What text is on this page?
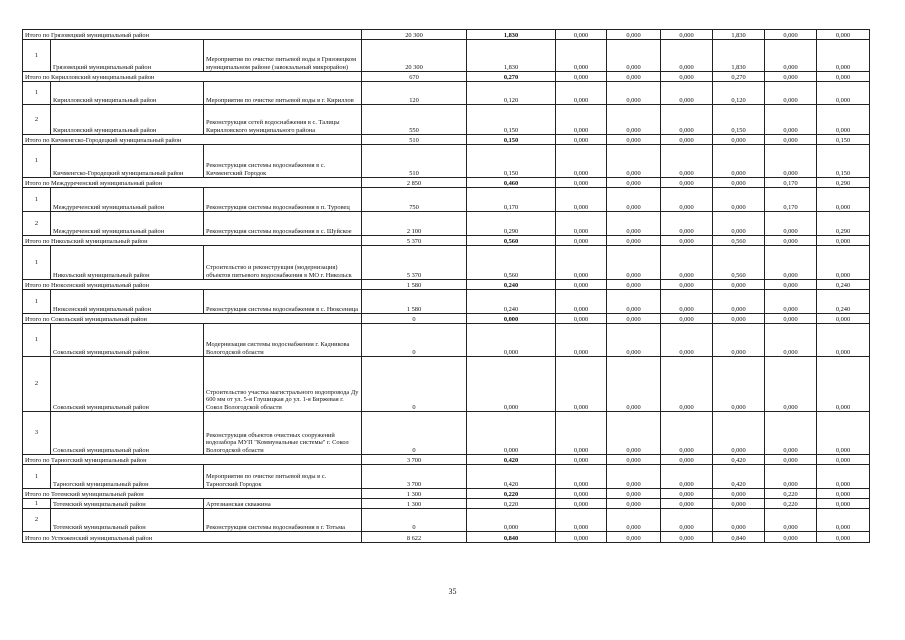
Итого по Грязовецкий муниципальный район			20 300	1,830	0,000	0,000	0,000	1,830	0,000	0,000
1	Грязовецкий муниципальный район	Мероприятия по очистке питьевой воды в Грязовецком муниципальном районе (завокзальный микрорайон)	20 300	1,830	0,000	0,000	0,000	1,830	0,000	0,000
Итого по Кирилловский муниципальный район			670	0,270	0,000	0,000	0,000	0,270	0,000	0,000
1	Кирилловский муниципальный район	Мероприятия по очистке питьевой воды в г. Кириллов	120	0,120	0,000	0,000	0,000	0,120	0,000	0,000
2	Кирилловский муниципальный район	Реконструкция сетей водоснабжения в с. Талицы Кирилловского муниципального района	550	0,150	0,000	0,000	0,000	0,150	0,000	0,000
Итого по Кичменгско-Городецкий муниципальный район			510	0,150	0,000	0,000	0,000	0,000	0,000	0,150
1	Кичменгско-Городецкий муниципальный район	Реконструкция системы водоснабжения в с. Кичменгский Городок	510	0,150	0,000	0,000	0,000	0,000	0,000	0,150
Итого по Междуреченский муниципальный район			2 850	0,460	0,000	0,000	0,000	0,000	0,170	0,290
1	Междуреченский муниципальный район	Реконструкция системы водоснабжения в п. Туровец	750	0,170	0,000	0,000	0,000	0,000	0,170	0,000
2	Междуреченский муниципальный район	Реконструкция системы водоснабжения в с. Шуйское	2 100	0,290	0,000	0,000	0,000	0,000	0,000	0,290
Итого по Никольский муниципальный район			5 370	0,560	0,000	0,000	0,000	0,560	0,000	0,000
1	Никольский муниципальный район	Строительство и реконструкция (модернизация) объектов питьевого водоснабжения в МО г. Никольск	5 370	0,560	0,000	0,000	0,000	0,560	0,000	0,000
Итого по Нюксенский муниципальный район			1 580	0,240	0,000	0,000	0,000	0,000	0,000	0,240
1	Нюксенский муниципальный район	Реконструкция системы водоснабжения в с. Нюксеница	1 580	0,240	0,000	0,000	0,000	0,000	0,000	0,240
Итого по Сокольский муниципальный район			0	0,000	0,000	0,000	0,000	0,000	0,000	0,000
1	Сокольский муниципальный район	Модернизация системы водоснабжения г. Кадникова Вологодской области	0	0,000	0,000	0,000	0,000	0,000	0,000	0,000
2	Сокольский муниципальный район	Строительство участка магистрального водопровода Ду 600 мм от ул. 5-я Глушицкая до ул. 1-я Биржевая г. Сокол Вологодской области	0	0,000	0,000	0,000	0,000	0,000	0,000	0,000
3	Сокольский муниципальный район	Реконструкция объектов очистных сооружений водозабора МУП "Коммунальные системы" г. Сокол Вологодской области	0	0,000	0,000	0,000	0,000	0,000	0,000	0,000
Итого по Тарногский муниципальный район			3 700	0,420	0,000	0,000	0,000	0,420	0,000	0,000
1	Тарногский муниципальный район	Мероприятия по очистке питьевой воды в с. Тарногский Городок	3 700	0,420	0,000	0,000	0,000	0,420	0,000	0,000
Итого по Тотемский муниципальный район			1 300	0,220	0,000	0,000	0,000	0,000	0,220	0,000
1	Тотемский муниципальный район	Артезианская скважина	1 300	0,220	0,000	0,000	0,000	0,000	0,220	0,000
2	Тотемский муниципальный район	Реконструкция системы водоснабжения в г. Тотьма	0	0,000	0,000	0,000	0,000	0,000	0,000	0,000
Итого по Устюженский муниципальный район			8 622	0,840	0,000	0,000	0,000	0,840	0,000	0,000
35
